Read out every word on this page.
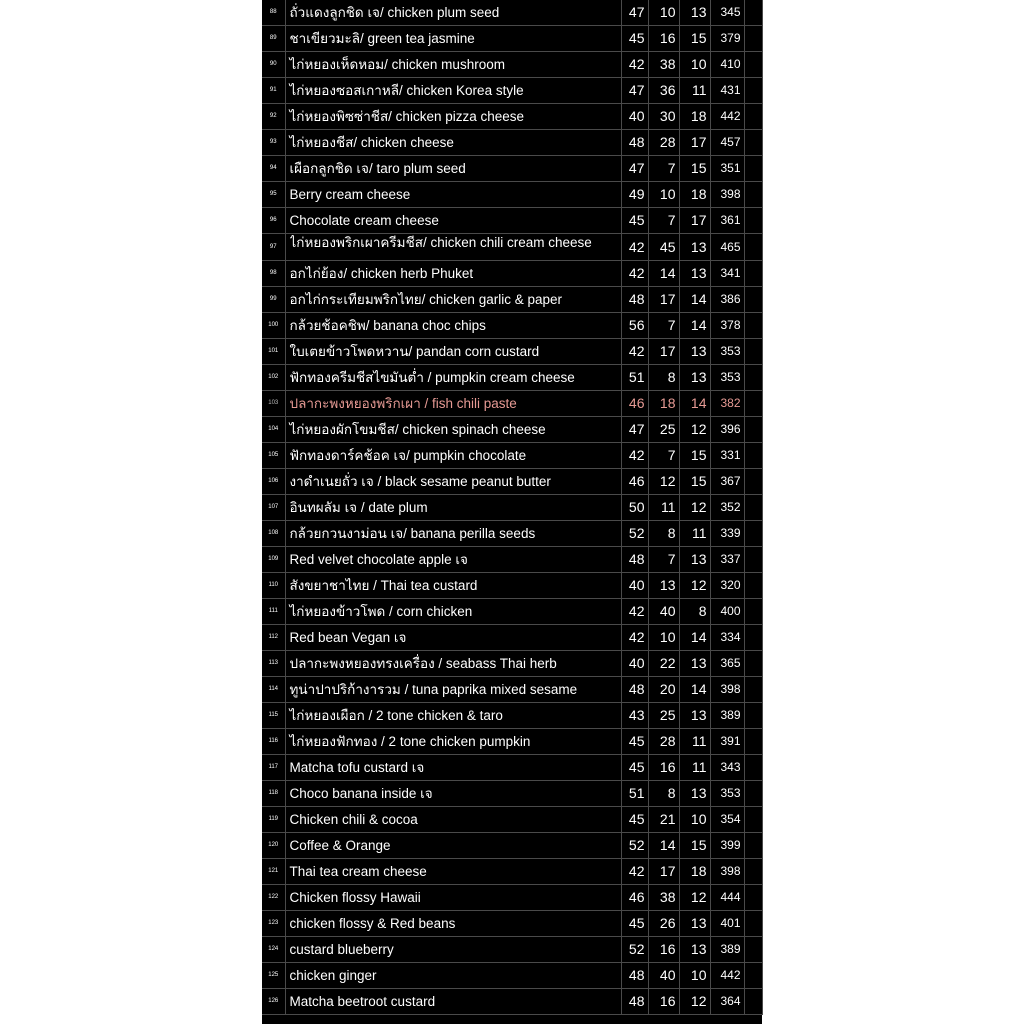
88	ถั่วแดงลูกชิด เจ/ chicken plum seed	47	10	13	345	
89	ชาเขียวมะลิ/ green tea jasmine	45	16	15	379	
90	ไก่หยองเห็ดหอม/ chicken mushroom	42	38	10	410	
91	ไก่หยองซอสเกาหลี/ chicken Korea style	47	36	11	431	
92	ไก่หยองพิซซ่าชีส/ chicken pizza cheese	40	30	18	442	
93	ไก่หยองชีส/ chicken cheese	48	28	17	457	
94	เผือกลูกชิด เจ/ taro plum seed	47	7	15	351	
95	Berry cream cheese	49	10	18	398	
96	Chocolate cream cheese	45	7	17	361	
97	ไก่หยองพริกเผาครีมชีส/ chicken chili cream cheese	42	45	13	465	
98	อกไก่ย้อง/ chicken herb Phuket	42	14	13	341	
99	อกไก่กระเทียมพริกไทย/ chicken garlic & paper	48	17	14	386	
100	กล้วยช้อคชิพ/ banana choc chips	56	7	14	378	
101	ใบเตยข้าวโพดหวาน/ pandan corn custard	42	17	13	353	
102	ฟักทองครีมชีสไขมันต่ำ / pumpkin cream cheese	51	8	13	353	
103	ปลากะพงหยองพริกเผา / fish chili paste	46	18	14	382	
104	ไก่หยองผักโขมชีส/ chicken spinach cheese	47	25	12	396	
105	ฟักทองดาร์คช้อค เจ/ pumpkin chocolate	42	7	15	331	
106	งาดำเนยถั่ว เจ / black sesame peanut butter	46	12	15	367	
107	อินทผลัม เจ / date plum	50	11	12	352	
108	กล้วยกวนงาม่อน เจ/ banana perilla seeds	52	8	11	339	
109	Red velvet chocolate apple เจ	48	7	13	337	
110	สังขยาชาไทย / Thai tea custard	40	13	12	320	
111	ไก่หยองข้าวโพด / corn chicken	42	40	8	400	
112	Red bean Vegan เจ	42	10	14	334	
113	ปลากะพงหยองทรงเครื่อง / seabass Thai herb	40	22	13	365	
114	ทูน่าปาปริก้างารวม / tuna paprika mixed sesame	48	20	14	398	
115	ไก่หยองเผือก / 2 tone chicken & taro	43	25	13	389	
116	ไก่หยองฟักทอง / 2 tone chicken pumpkin	45	28	11	391	
117	Matcha tofu custard เจ	45	16	11	343	
118	Choco banana inside เจ	51	8	13	353	
119	Chicken chili & cocoa	45	21	10	354	
120	Coffee & Orange	52	14	15	399	
121	Thai tea cream cheese	42	17	18	398	
122	Chicken flossy Hawaii	46	38	12	444	
123	chicken flossy & Red beans	45	26	13	401	
124	custard blueberry	52	16	13	389	
125	chicken ginger	48	40	10	442	
126	Matcha beetroot custard	48	16	12	364	
